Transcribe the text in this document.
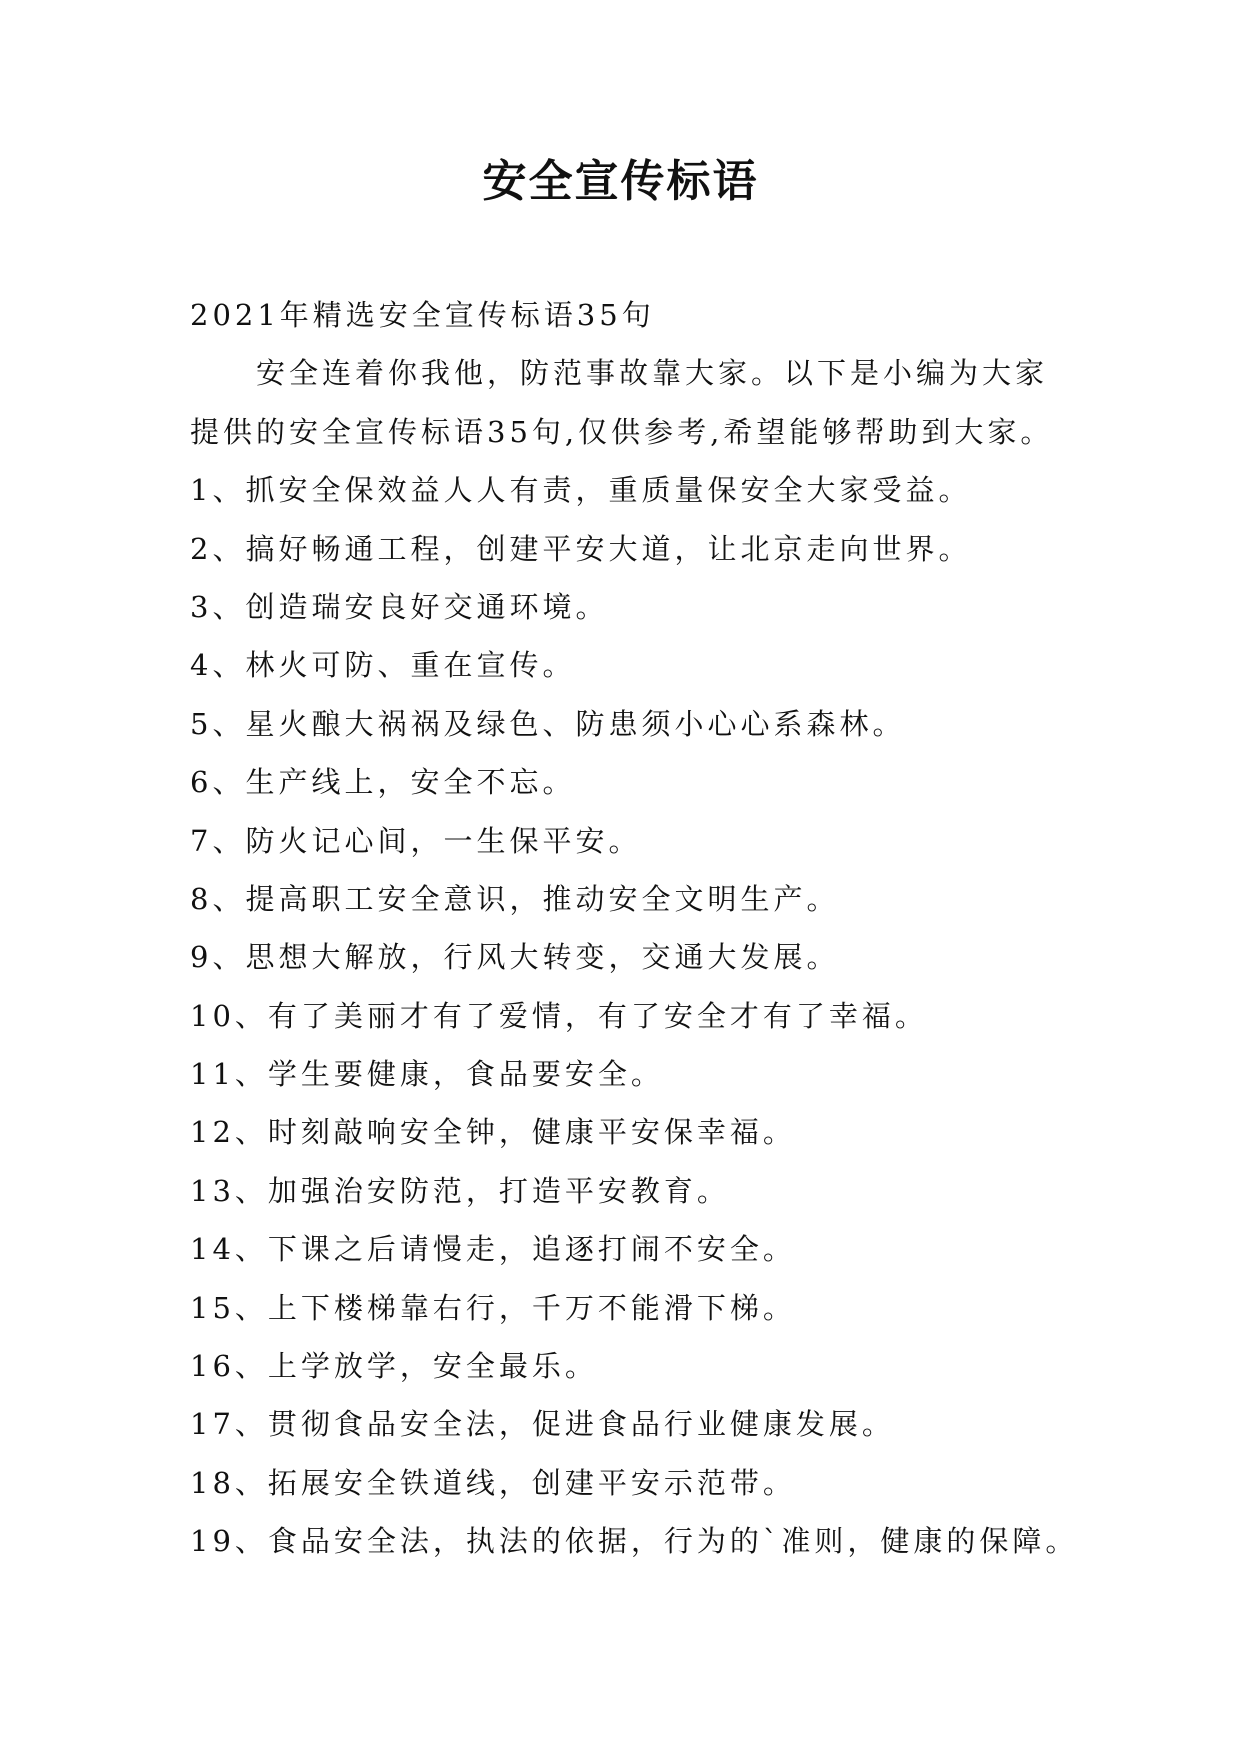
安全宣传标语

2021年精选安全宣传标语35句

安全连着你我他，防范事故靠大家。以下是小编为大家

提供的安全宣传标语35句,仅供参考,希望能够帮助到大家。

1、抓安全保效益人人有责，重质量保安全大家受益。

2、搞好畅通工程，创建平安大道，让北京走向世界。

3、创造瑞安良好交通环境。

4、林火可防、重在宣传。

5、星火酿大祸祸及绿色、防患须小心心系森林。

6、生产线上，安全不忘。

7、防火记心间，一生保平安。

8、提高职工安全意识，推动安全文明生产。

9、思想大解放，行风大转变，交通大发展。

10、有了美丽才有了爱情，有了安全才有了幸福。

11、学生要健康，食品要安全。

12、时刻敲响安全钟，健康平安保幸福。

13、加强治安防范，打造平安教育。

14、下课之后请慢走，追逐打闹不安全。

15、上下楼梯靠右行，千万不能滑下梯。

16、上学放学，安全最乐。

17、贯彻食品安全法，促进食品行业健康发展。

18、拓展安全铁道线，创建平安示范带。

19、食品安全法，执法的依据，行为的`准则，健康的保障。
